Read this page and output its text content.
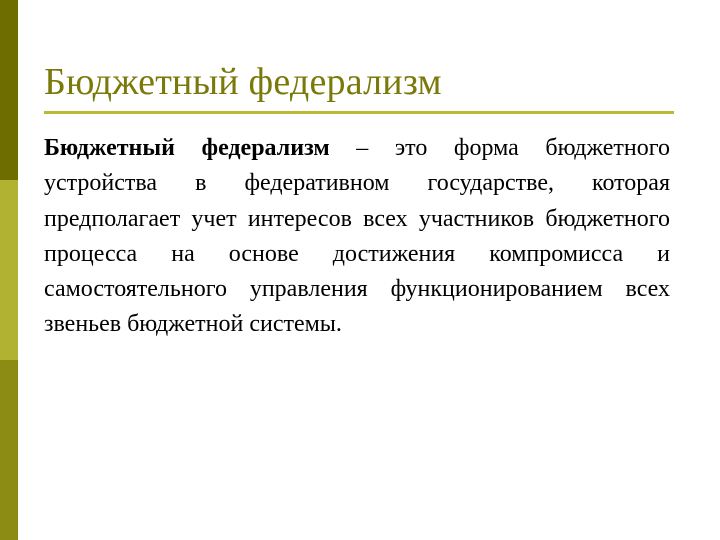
Бюджетный федерализм

Бюджетный федерализм – это форма бюджетного устройства в федеративном государстве, которая предполагает учет интересов всех участников бюджетного процесса на основе достижения компромисса и самостоятельного управления функционированием всех звеньев бюджетной системы.
